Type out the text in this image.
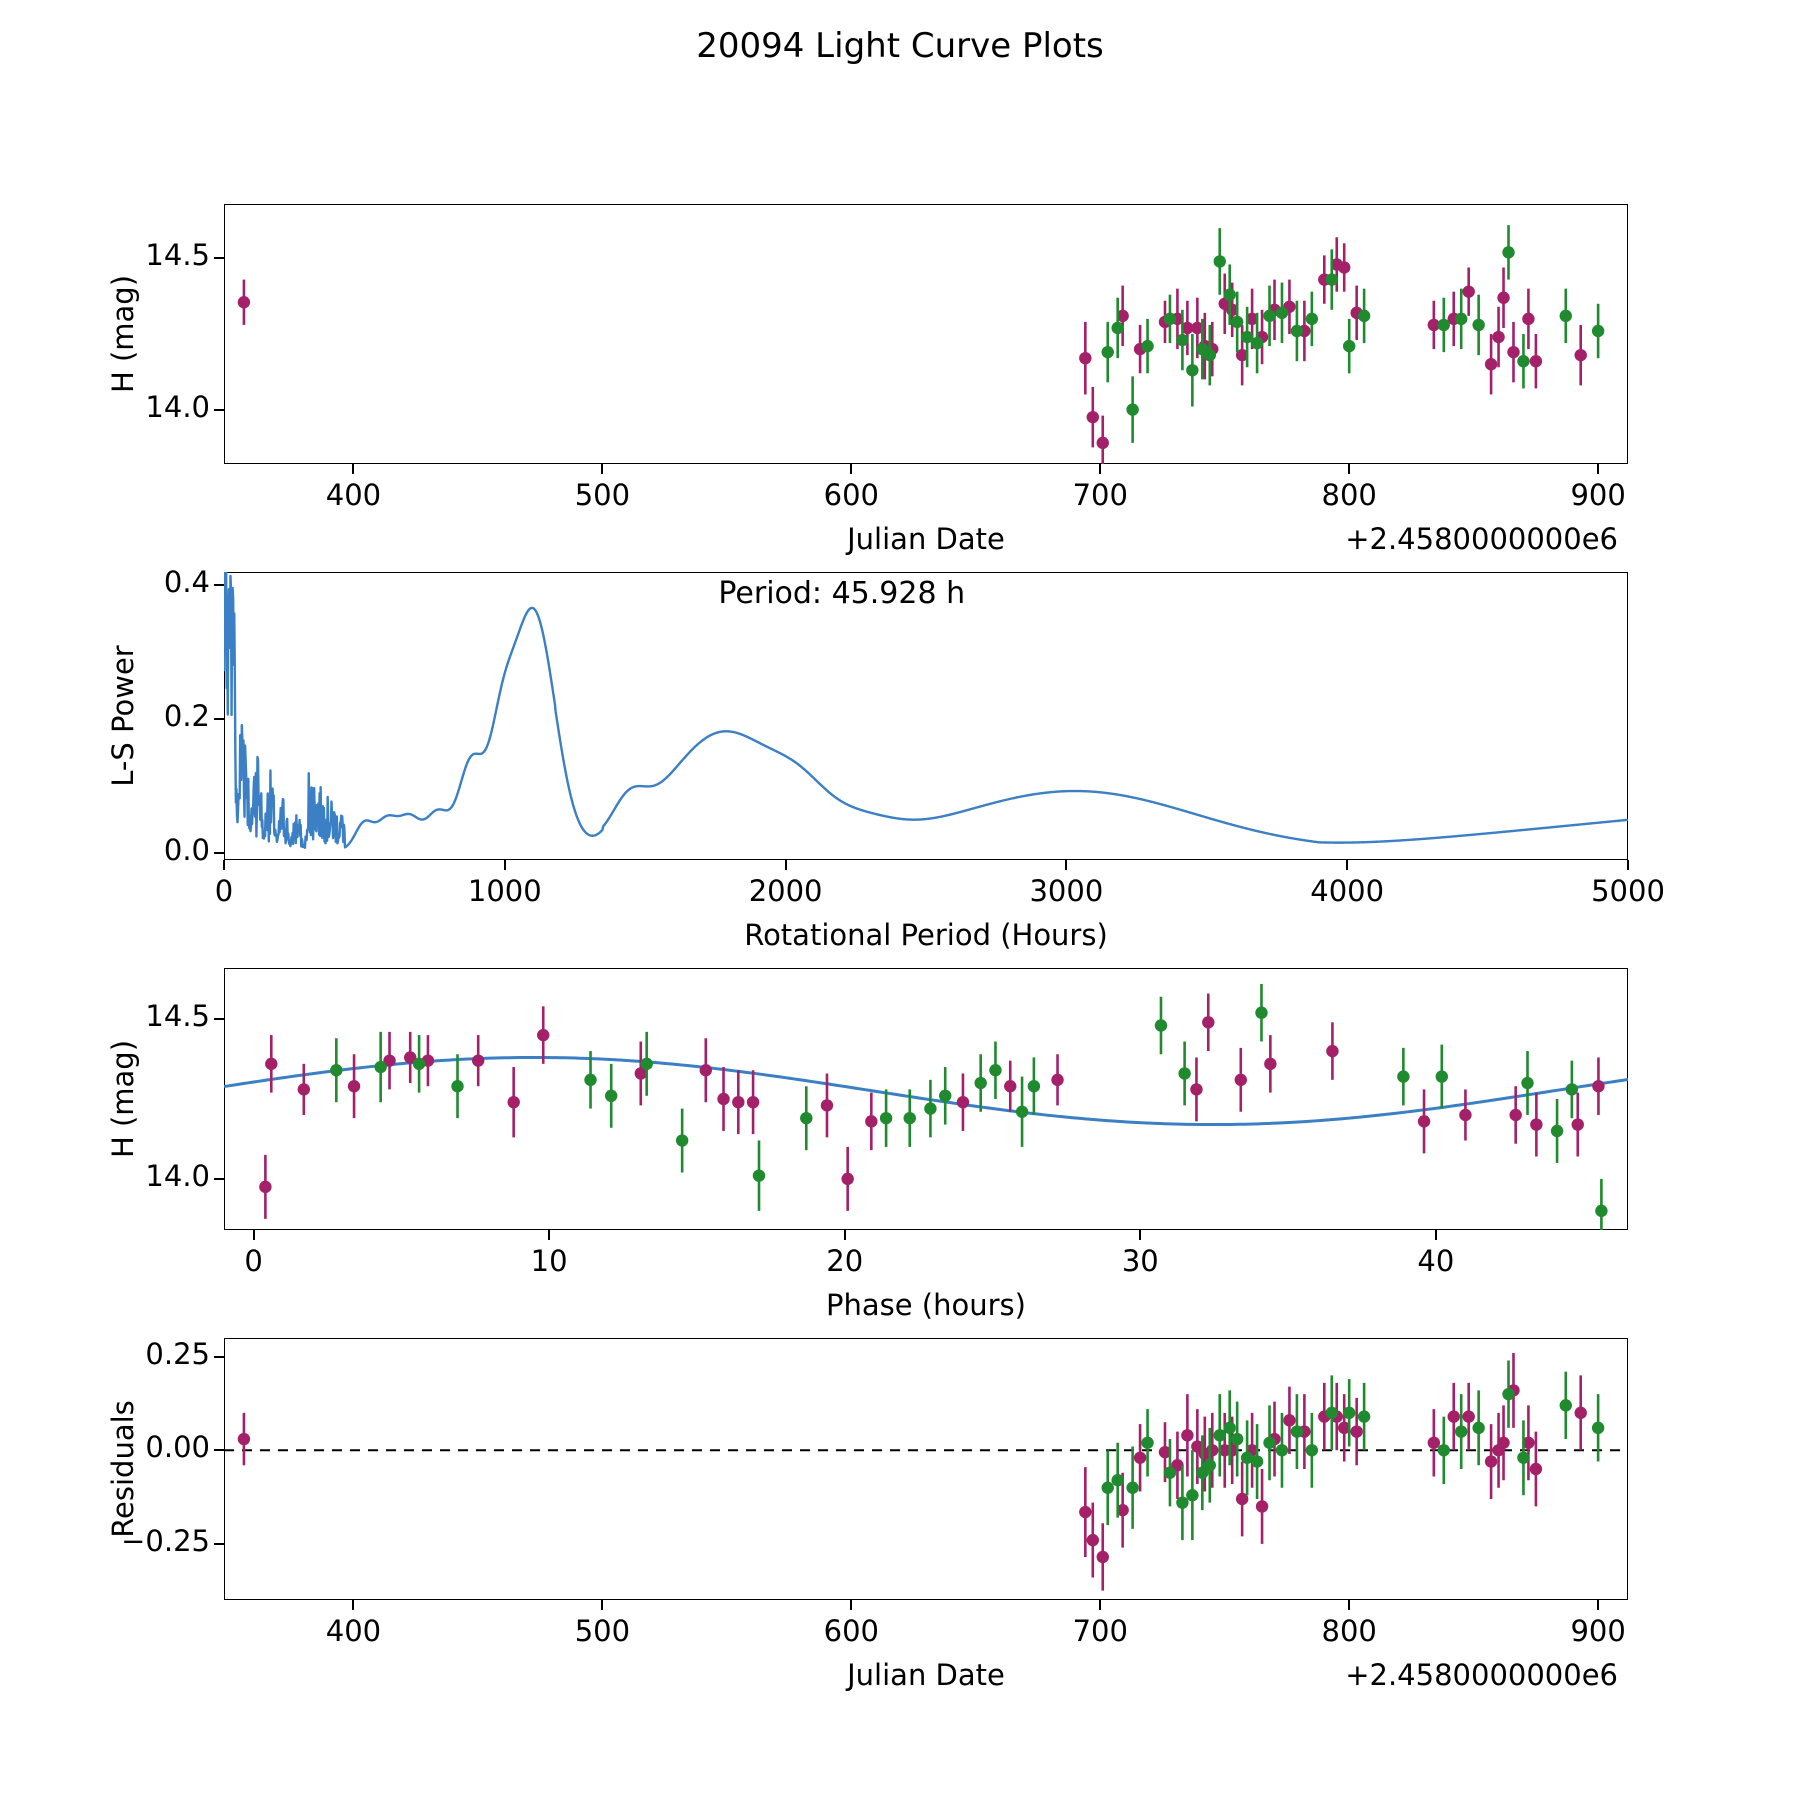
20094 Light Curve Plots
400	500	600	700	800	900
14.0
14.5
Julian Date	+2.4580000000e6
H (mag)
0	1000	2000	3000	4000	5000
0.0
0.2
0.4
Rotational Period (Hours)
L-S Power
Period: 45.928 h
0	10	20	30	40
14.0
14.5
Phase (hours)
H (mag)
400	500	600	700	800	900
−0.25
0.00
0.25
Julian Date	+2.4580000000e6
Residuals
